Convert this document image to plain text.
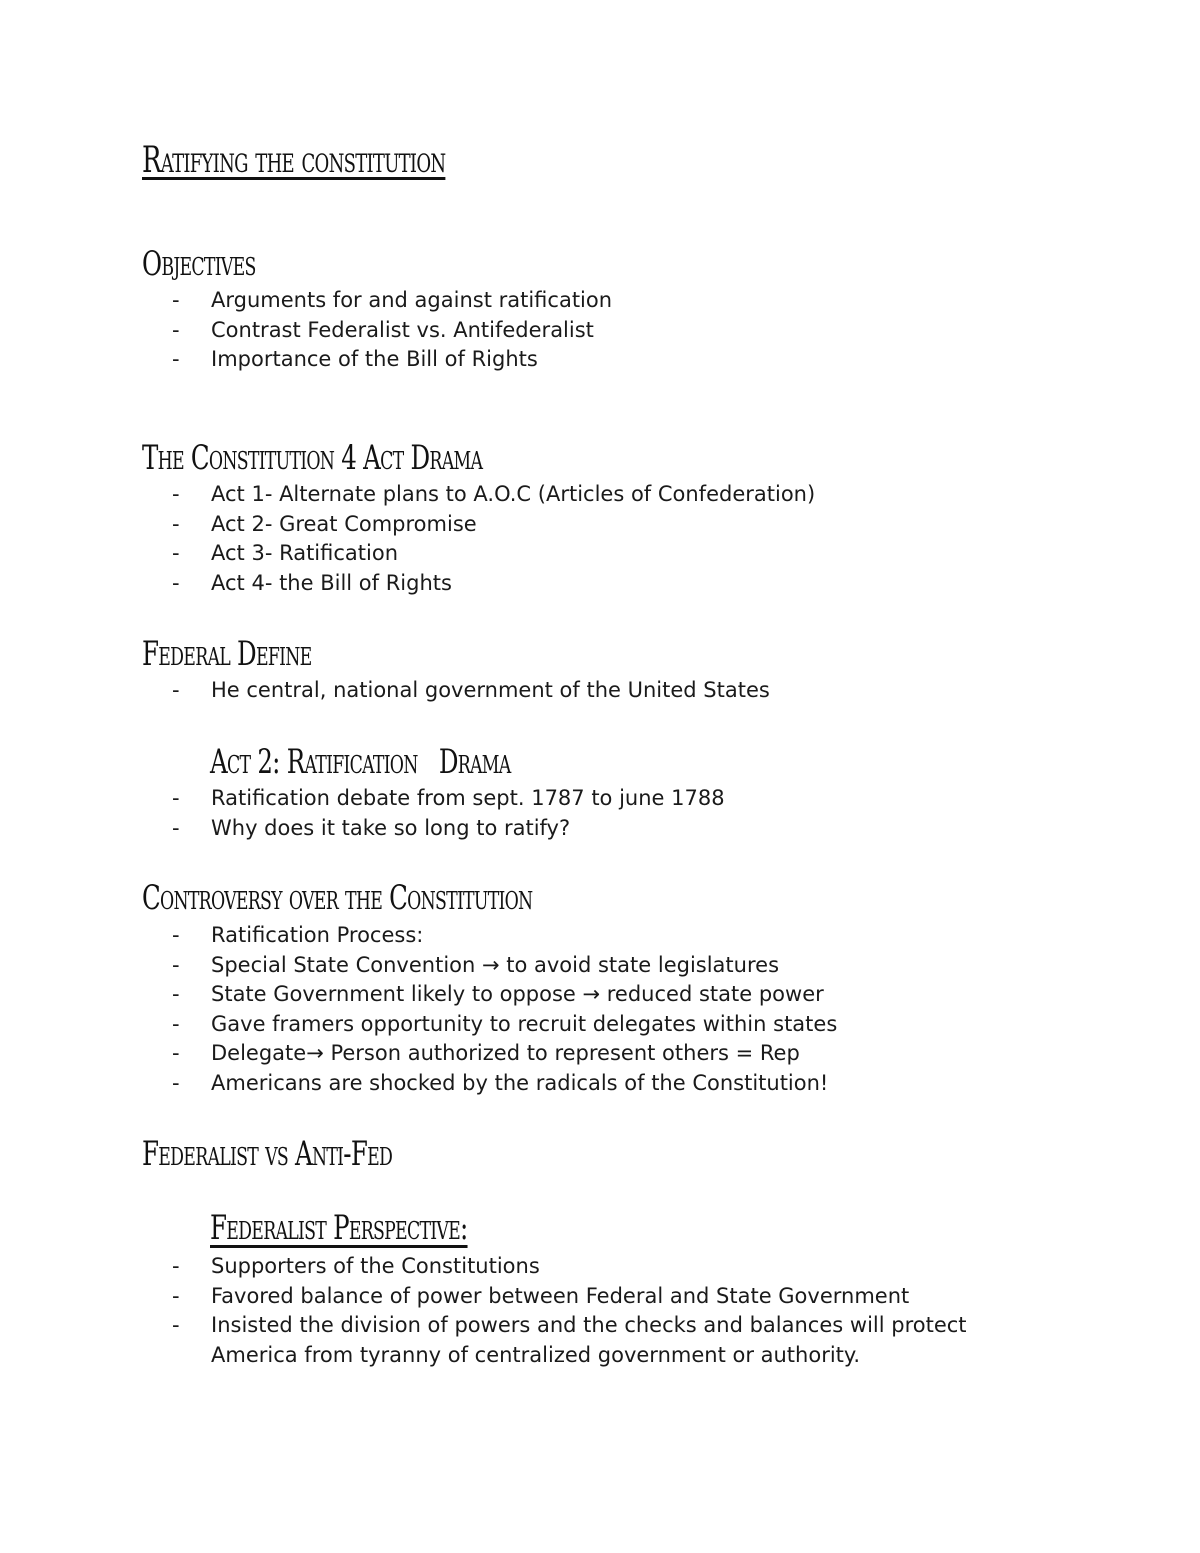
Ratifying the constitution
Objectives
- Arguments for and against ratification
- Contrast Federalist vs. Antifederalist
- Importance of the Bill of Rights
The Constitution 4 Act Drama
- Act 1- Alternate plans to A.O.C (Articles of Confederation)
- Act 2- Great Compromise
- Act 3- Ratification
- Act 4- the Bill of Rights
Federal Define
- He central, national government of the United States
Act 2: Ratification   Drama
- Ratification debate from sept. 1787 to june 1788
- Why does it take so long to ratify?
Controversy over the Constitution
- Ratification Process:
- Special State Convention → to avoid state legislatures
- State Government likely to oppose → reduced state power
- Gave framers opportunity to recruit delegates within states
- Delegate→ Person authorized to represent others = Rep
- Americans are shocked by the radicals of the Constitution!
Federalist vs Anti-Fed
Federalist Perspective:
- Supporters of the Constitutions
- Favored balance of power between Federal and State Government
- Insisted the division of powers and the checks and balances will protect America from tyranny of centralized government or authority.
